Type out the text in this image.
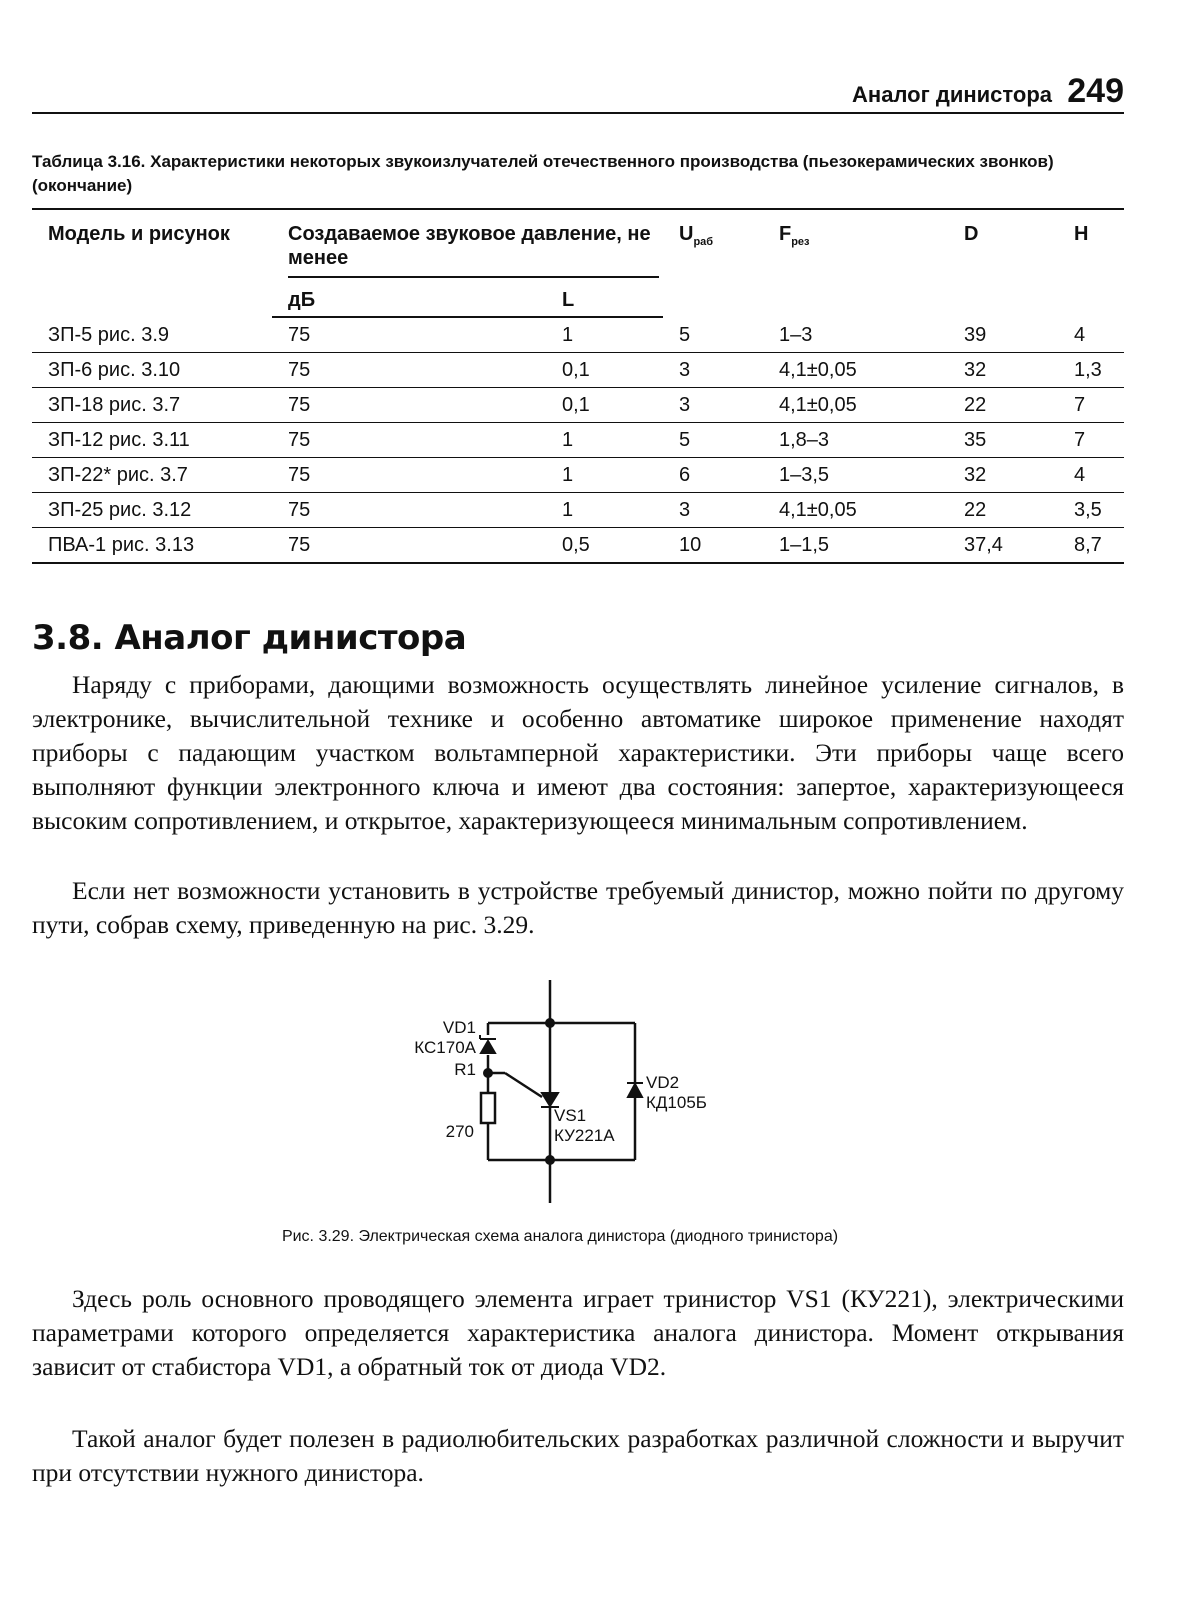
Аналог динистора 249
Таблица 3.16. Характеристики некоторых звукоизлучателей отечественного производства (пьезокерамических звонков) (окончание)
Модель и рисунок	Создаваемое звуковое давление, не менее		$U_{раб}$	$F_{рез}$	D	H
	дБ	L				
ЗП-5 рис. 3.9	75	1	5	1–3	39	4
ЗП-6 рис. 3.10	75	0,1	3	4,1±0,05	32	1,3
ЗП-18 рис. 3.7	75	0,1	3	4,1±0,05	22	7
ЗП-12 рис. 3.11	75	1	5	1,8–3	35	7
ЗП-22* рис. 3.7	75	1	6	1–3,5	32	4
ЗП-25 рис. 3.12	75	1	3	4,1±0,05	22	3,5
ПВА-1 рис. 3.13	75	0,5	10	1–1,5	37,4	8,7
3.8. Аналог динистора

Наряду с приборами, дающими возможность осуществлять линейное усиление сигналов, в электронике, вычислительной технике и особенно автоматике широкое применение находят приборы с падающим участком вольтамперной характеристики. Эти приборы чаще всего выполняют функции электронного ключа и имеют два состояния: запертое, характеризующееся высоким сопротивлением, и открытое, характеризующееся минимальным сопротивлением.

Если нет возможности установить в устройстве требуемый динистор, можно пойти по другому пути, собрав схему, приведенную на рис. 3.29.

VD1
КС170А
R1
270
VS1
КУ221А
VD2
КД105Б
Рис. 3.29. Электрическая схема аналога динистора (диодного тринистора)

Здесь роль основного проводящего элемента играет тринистор VS1 (КУ221), электрическими параметрами которого определяется характеристика аналога динистора. Момент открывания зависит от стабистора VD1, а обратный ток от диода VD2.

Такой аналог будет полезен в радиолюбительских разработках различной сложности и выручит при отсутствии нужного динистора.
